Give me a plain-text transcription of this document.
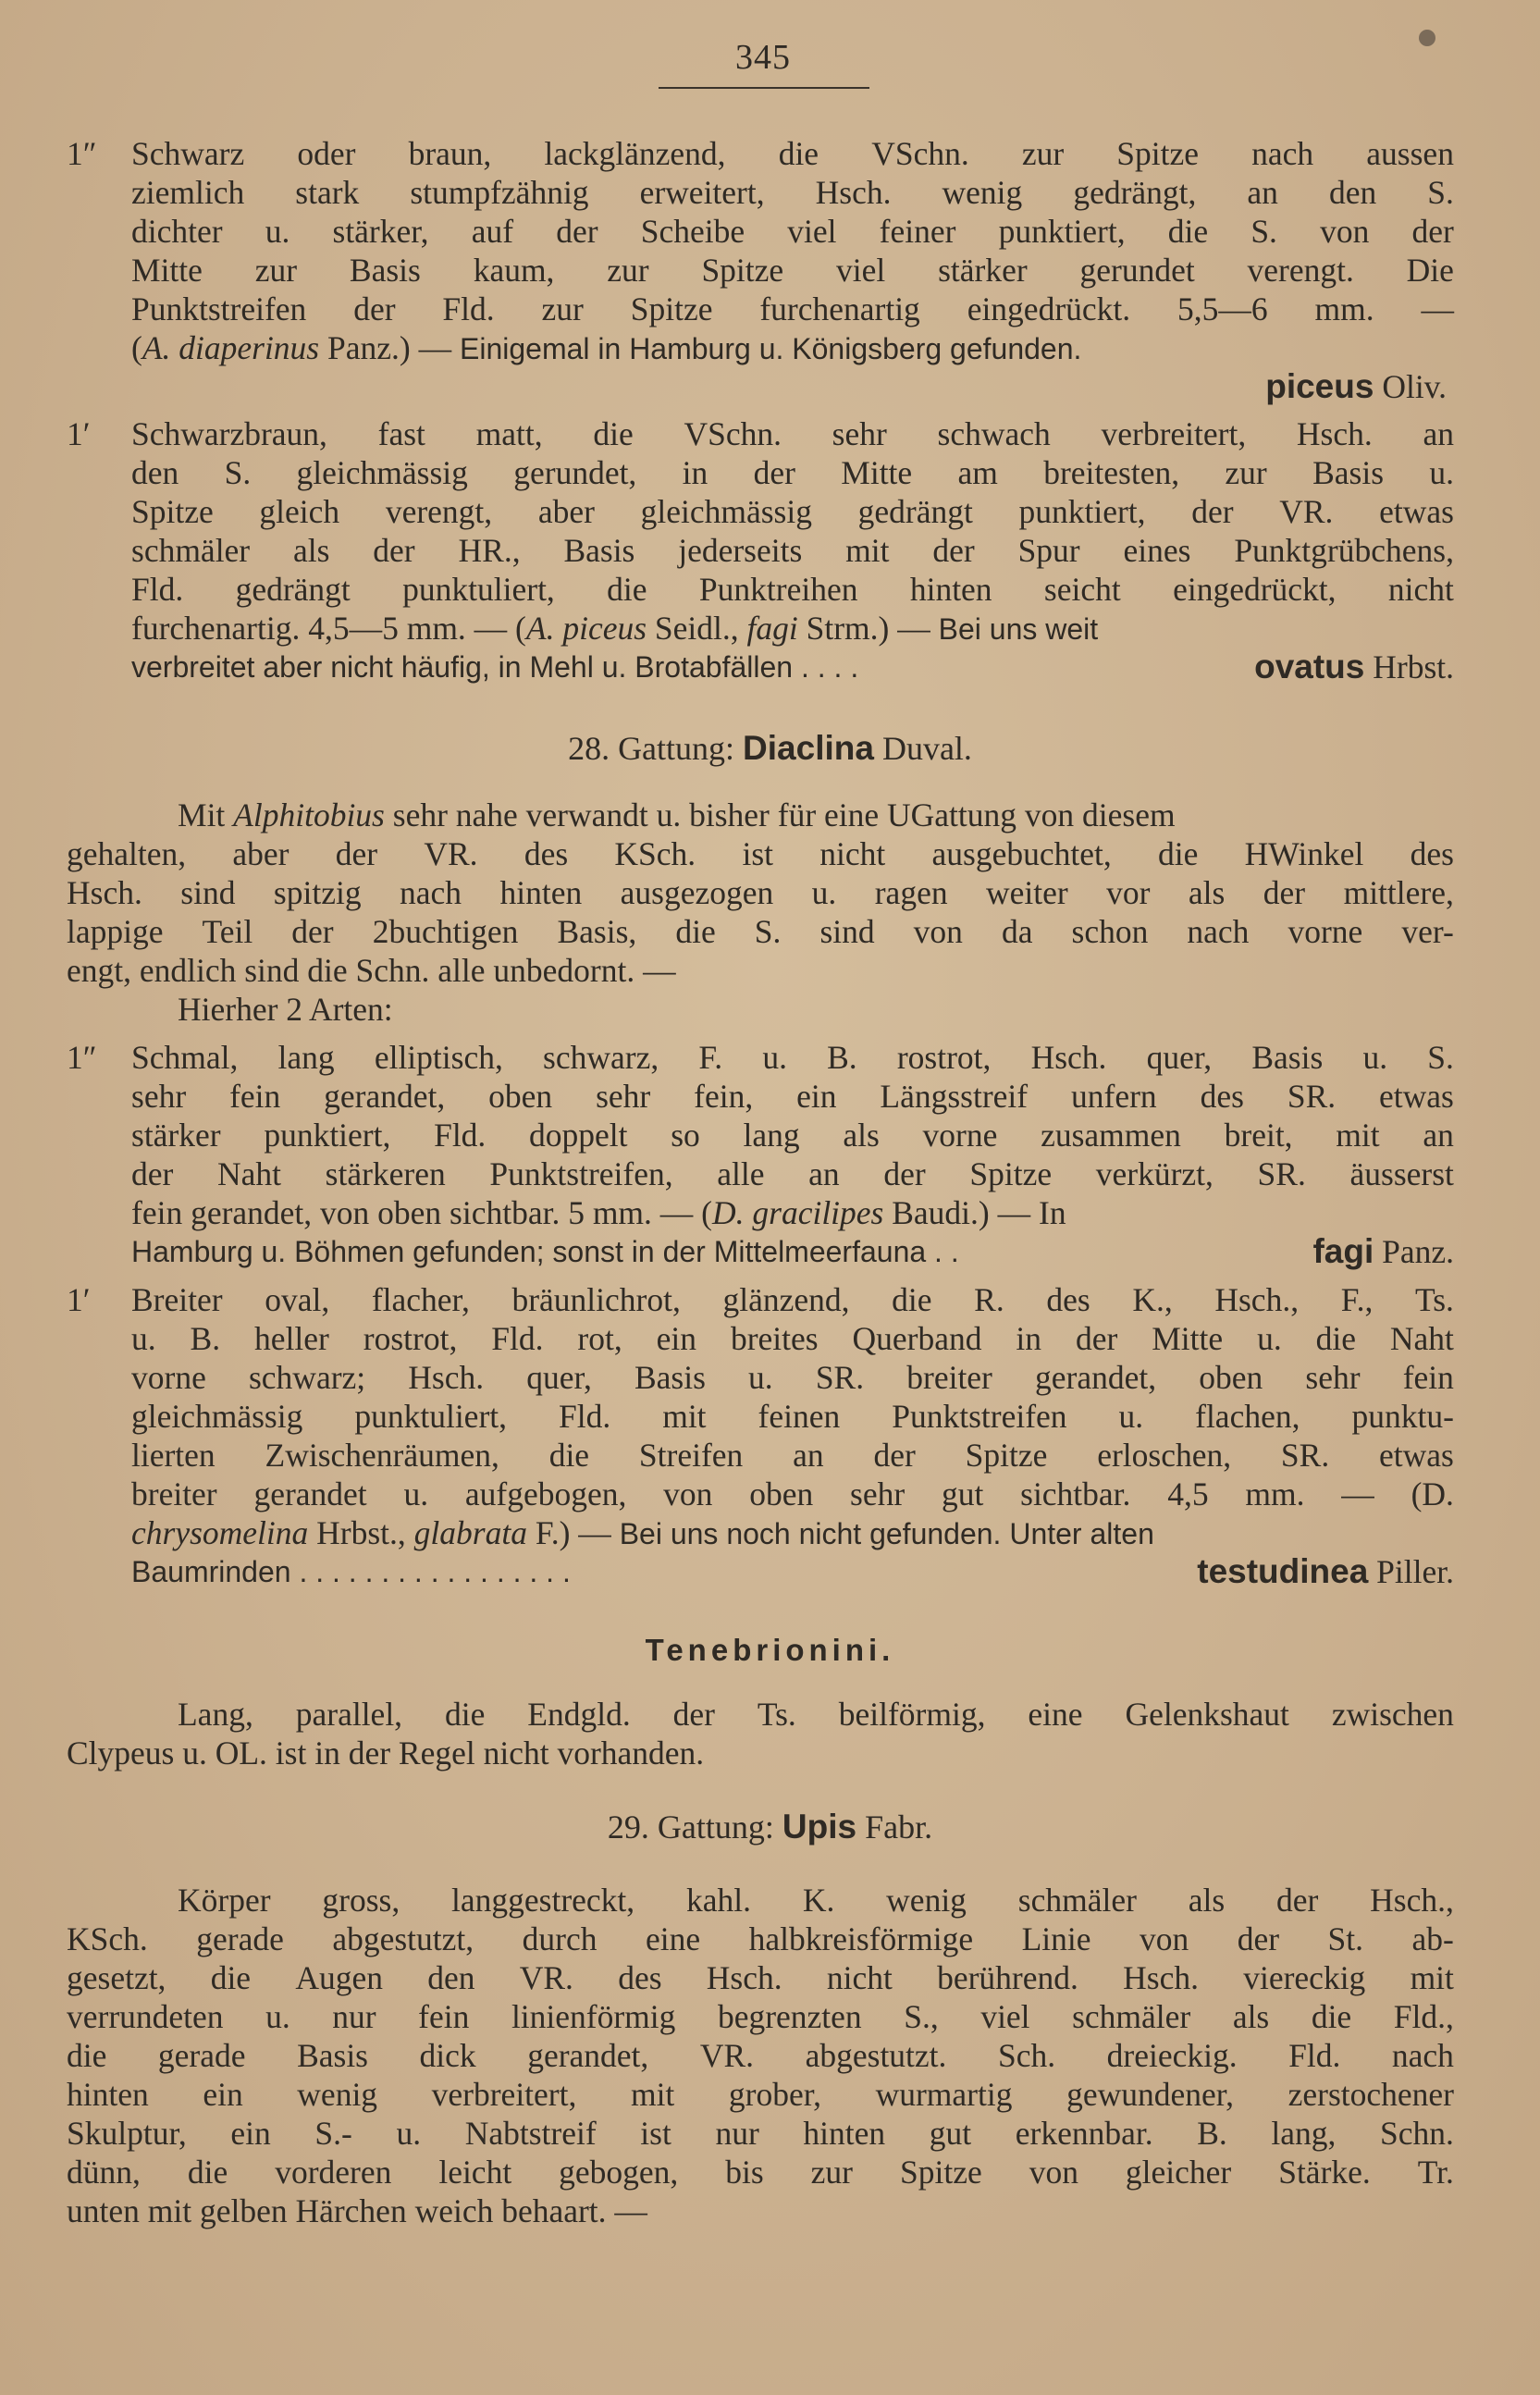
345
1″ Schwarz oder braun, lackglänzend, die VSchn. zur Spitze nach aussen
ziemlich stark stumpfzähnig erweitert, Hsch. wenig gedrängt, an den S.
dichter u. stärker, auf der Scheibe viel feiner punktiert, die S. von der
Mitte zur Basis kaum, zur Spitze viel stärker gerundet verengt. Die
Punktstreifen der Fld. zur Spitze furchenartig eingedrückt. 5,5—6 mm. —
(A. diaperinus Panz.) — Einigemal in Hamburg u. Königsberg gefunden.
piceus Oliv.
1′ Schwarzbraun, fast matt, die VSchn. sehr schwach verbreitert, Hsch. an
den S. gleichmässig gerundet, in der Mitte am breitesten, zur Basis u.
Spitze gleich verengt, aber gleichmässig gedrängt punktiert, der VR. etwas
schmäler als der HR., Basis jederseits mit der Spur eines Punktgrübchens,
Fld. gedrängt punktuliert, die Punktreihen hinten seicht eingedrückt, nicht
furchenartig. 4,5—5 mm. — (A. piceus Seidl., fagi Strm.) — Bei uns weit
verbreitet aber nicht häufig, in Mehl u. Brotabfällen . . . .	ovatus Hrbst.
28. Gattung: Diaclina Duval.
Mit Alphitobius sehr nahe verwandt u. bisher für eine UGattung von diesem
gehalten, aber der VR. des KSch. ist nicht ausgebuchtet, die HWinkel des
Hsch. sind spitzig nach hinten ausgezogen u. ragen weiter vor als der mittlere,
lappige Teil der 2buchtigen Basis, die S. sind von da schon nach vorne ver-
engt, endlich sind die Schn. alle unbedornt. —
Hierher 2 Arten:
1″ Schmal, lang elliptisch, schwarz, F. u. B. rostrot, Hsch. quer, Basis u. S.
sehr fein gerandet, oben sehr fein, ein Längsstreif unfern des SR. etwas
stärker punktiert, Fld. doppelt so lang als vorne zusammen breit, mit an
der Naht stärkeren Punktstreifen, alle an der Spitze verkürzt, SR. äusserst
fein gerandet, von oben sichtbar. 5 mm. — (D. gracilipes Baudi.) — In
Hamburg u. Böhmen gefunden; sonst in der Mittelmeerfauna . .	fagi Panz.
1′ Breiter oval, flacher, bräunlichrot, glänzend, die R. des K., Hsch., F., Ts.
u. B. heller rostrot, Fld. rot, ein breites Querband in der Mitte u. die Naht
vorne schwarz; Hsch. quer, Basis u. SR. breiter gerandet, oben sehr fein
gleichmässig punktuliert, Fld. mit feinen Punktstreifen u. flachen, punktu-
lierten Zwischenräumen, die Streifen an der Spitze erloschen, SR. etwas
breiter gerandet u. aufgebogen, von oben sehr gut sichtbar. 4,5 mm. — (D.
chrysomelina Hrbst., glabrata F.) — Bei uns noch nicht gefunden. Unter alten
Baumrinden . . . . . . . . . . . . . . . . .	testudinea Piller.
Tenebrionini.
Lang, parallel, die Endgld. der Ts. beilförmig, eine Gelenkshaut zwischen
Clypeus u. OL. ist in der Regel nicht vorhanden.
29. Gattung: Upis Fabr.
Körper gross, langgestreckt, kahl. K. wenig schmäler als der Hsch.,
KSch. gerade abgestutzt, durch eine halbkreisförmige Linie von der St. ab-
gesetzt, die Augen den VR. des Hsch. nicht berührend. Hsch. viereckig mit
verrundeten u. nur fein linienförmig begrenzten S., viel schmäler als die Fld.,
die gerade Basis dick gerandet, VR. abgestutzt. Sch. dreieckig. Fld. nach
hinten ein wenig verbreitert, mit grober, wurmartig gewundener, zerstochener
Skulptur, ein S.- u. Nabtstreif ist nur hinten gut erkennbar. B. lang, Schn.
dünn, die vorderen leicht gebogen, bis zur Spitze von gleicher Stärke. Tr.
unten mit gelben Härchen weich behaart. —
